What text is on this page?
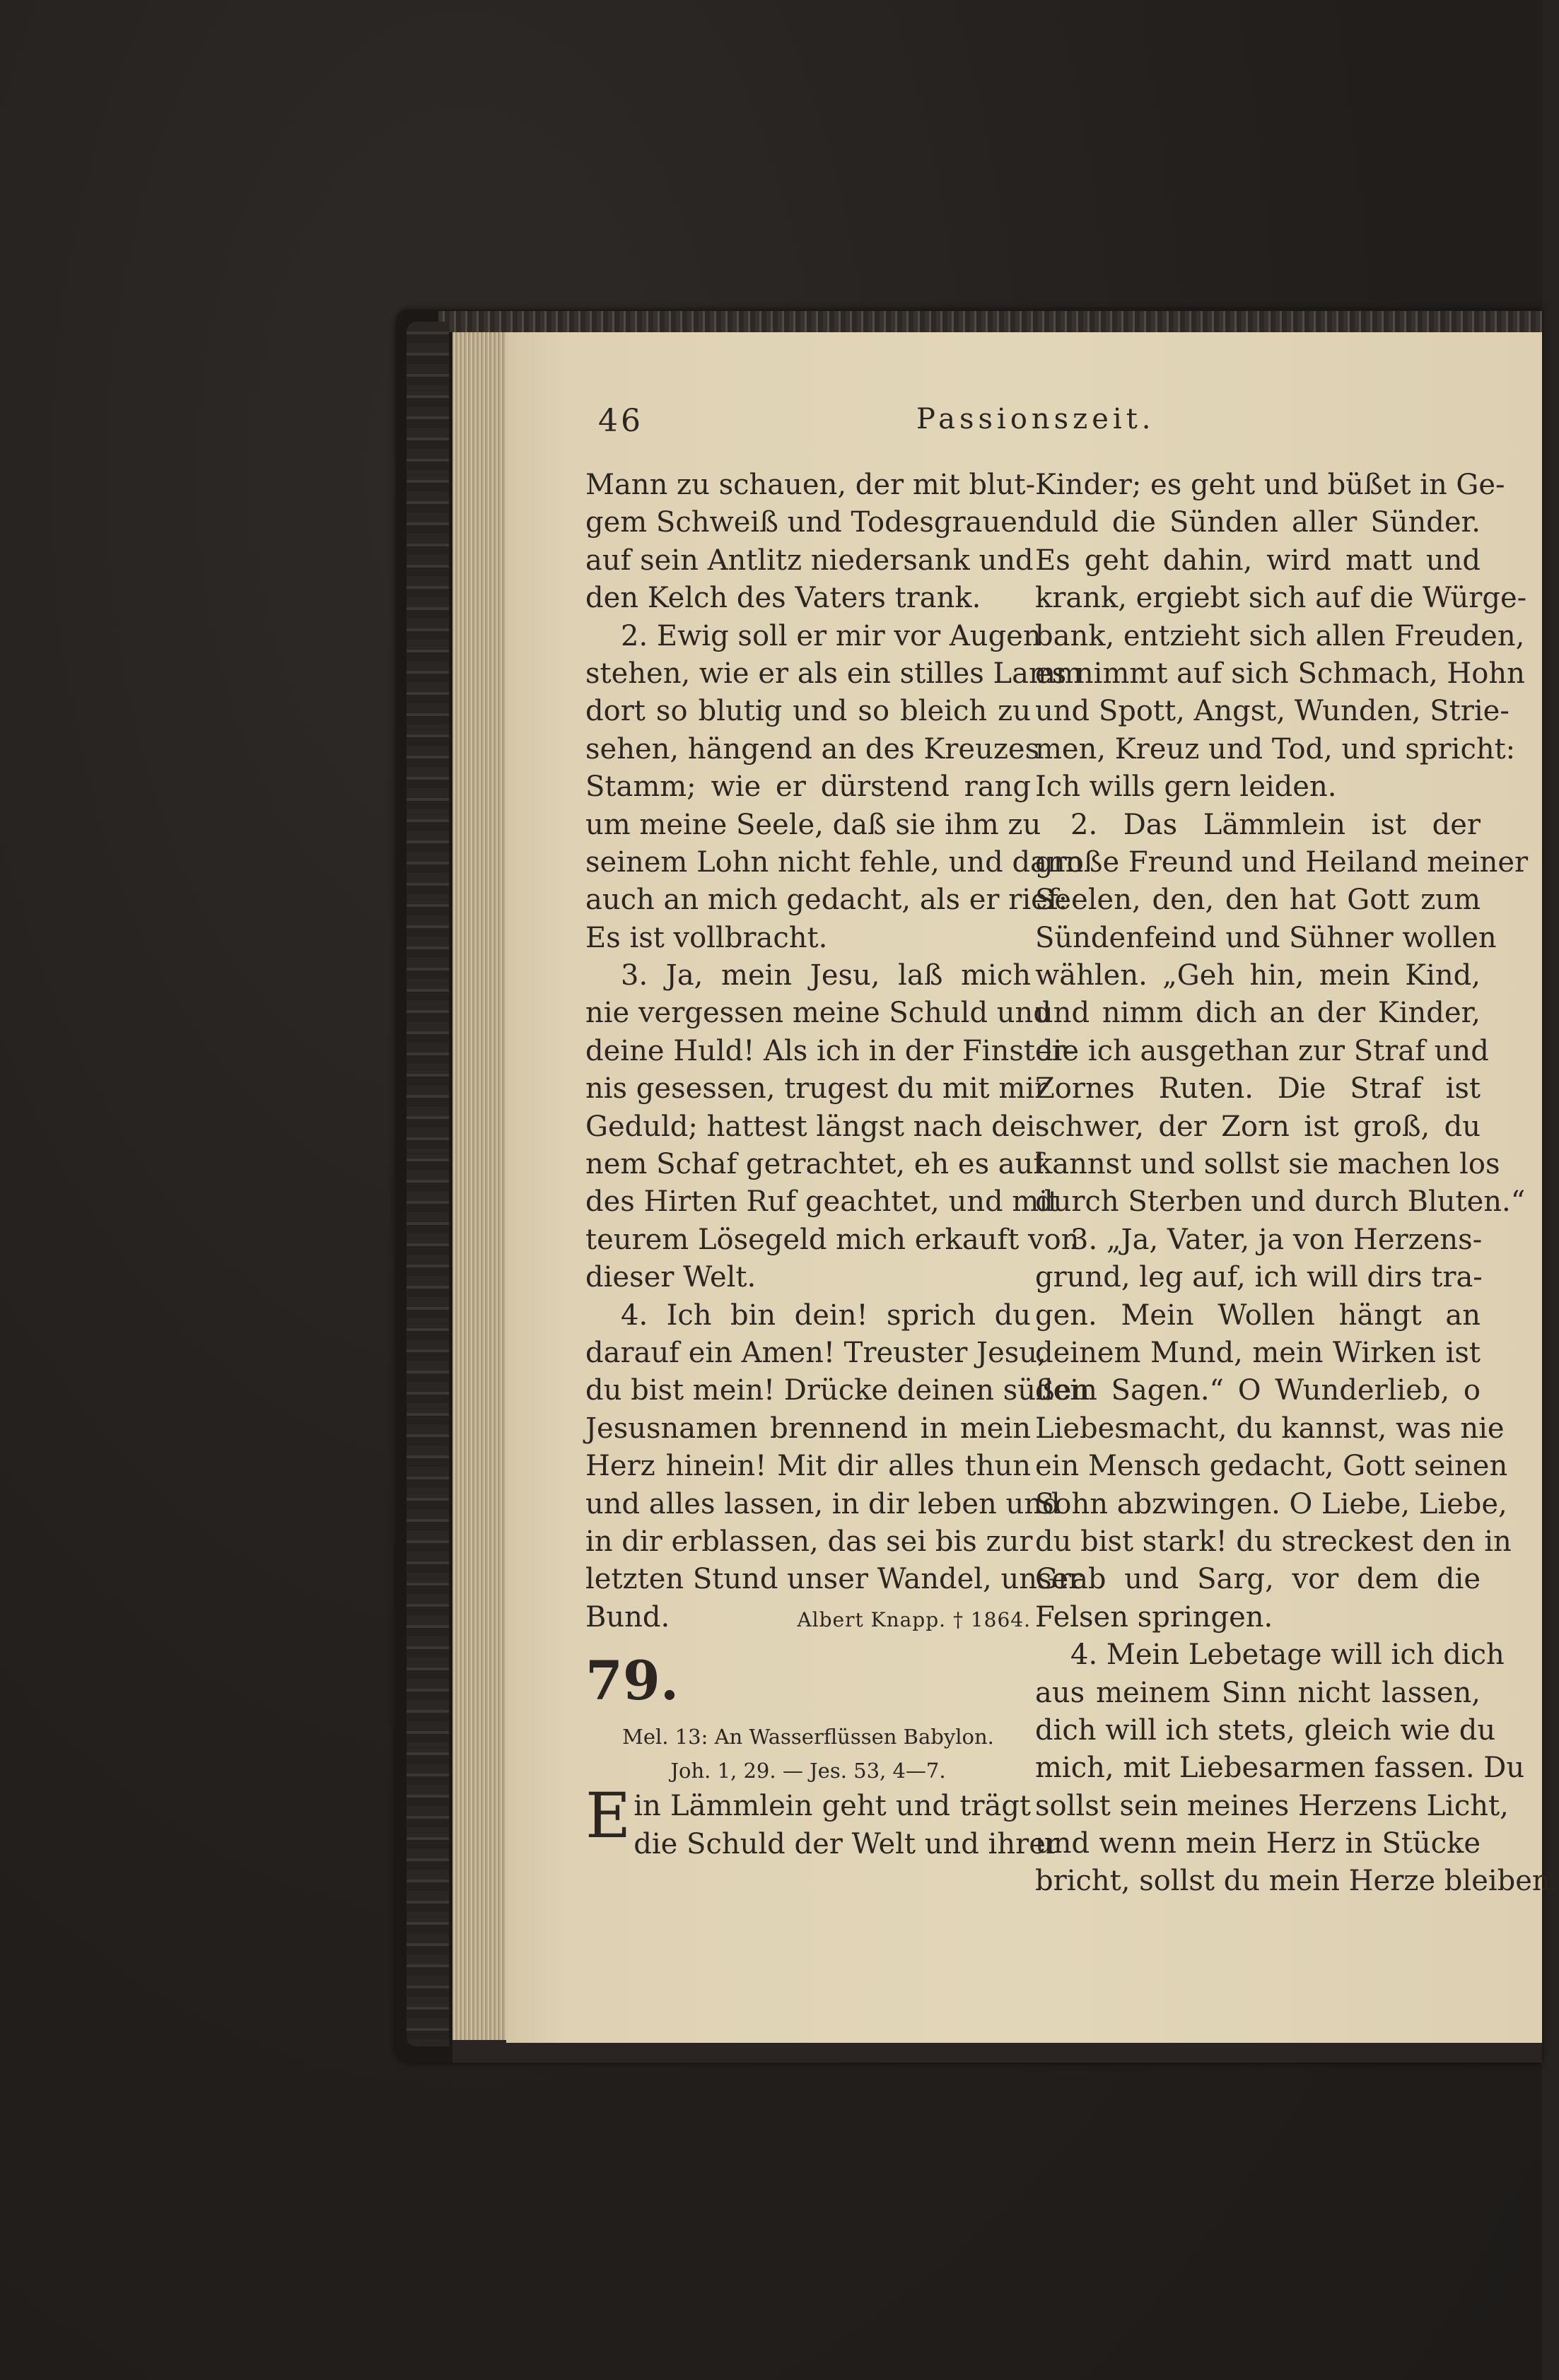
46	Passionszeit.
Mann zu schauen, der mit blut-
gem Schweiß und Todesgrauen
auf sein Antlitz niedersank und
den Kelch des Vaters trank.
2. Ewig soll er mir vor Augen
stehen, wie er als ein stilles Lamm
dort so blutig und so bleich zu
sehen, hängend an des Kreuzes
Stamm; wie er dürstend rang
um meine Seele, daß sie ihm zu
seinem Lohn nicht fehle, und dann
auch an mich gedacht, als er rief:
Es ist vollbracht.
3. Ja, mein Jesu, laß mich
nie vergessen meine Schuld und
deine Huld! Als ich in der Finster-
nis gesessen, trugest du mit mir
Geduld; hattest längst nach dei-
nem Schaf getrachtet, eh es auf
des Hirten Ruf geachtet, und mit
teurem Lösegeld mich erkauft von
dieser Welt.
4. Ich bin dein! sprich du
darauf ein Amen! Treuster Jesu,
du bist mein! Drücke deinen süßen
Jesusnamen brennend in mein
Herz hinein! Mit dir alles thun
und alles lassen, in dir leben und
in dir erblassen, das sei bis zur
letzten Stund unser Wandel, unser
Bund.	Albert Knapp. † 1864.
79.
Mel. 13: An Wasserflüssen Babylon.
Joh. 1, 29. — Jes. 53, 4—7.
E in Lämmlein geht und trägt
die Schuld der Welt und ihrer
Kinder; es geht und büßet in Ge-
duld die Sünden aller Sünder.
Es geht dahin, wird matt und
krank, ergiebt sich auf die Würge-
bank, entzieht sich allen Freuden,
es nimmt auf sich Schmach, Hohn
und Spott, Angst, Wunden, Strie-
men, Kreuz und Tod, und spricht:
Ich wills gern leiden.
2. Das Lämmlein ist der
große Freund und Heiland meiner
Seelen, den, den hat Gott zum
Sündenfeind und Sühner wollen
wählen. „Geh hin, mein Kind,
und nimm dich an der Kinder,
die ich ausgethan zur Straf und
Zornes Ruten. Die Straf ist
schwer, der Zorn ist groß, du
kannst und sollst sie machen los
durch Sterben und durch Bluten.“
3. „Ja, Vater, ja von Herzens-
grund, leg auf, ich will dirs tra-
gen. Mein Wollen hängt an
deinem Mund, mein Wirken ist
dein Sagen.“ O Wunderlieb, o
Liebesmacht, du kannst, was nie
ein Mensch gedacht, Gott seinen
Sohn abzwingen. O Liebe, Liebe,
du bist stark! du streckest den in
Grab und Sarg, vor dem die
Felsen springen.
4. Mein Lebetage will ich dich
aus meinem Sinn nicht lassen,
dich will ich stets, gleich wie du
mich, mit Liebesarmen fassen. Du
sollst sein meines Herzens Licht,
und wenn mein Herz in Stücke
bricht, sollst du mein Herze bleiben.
